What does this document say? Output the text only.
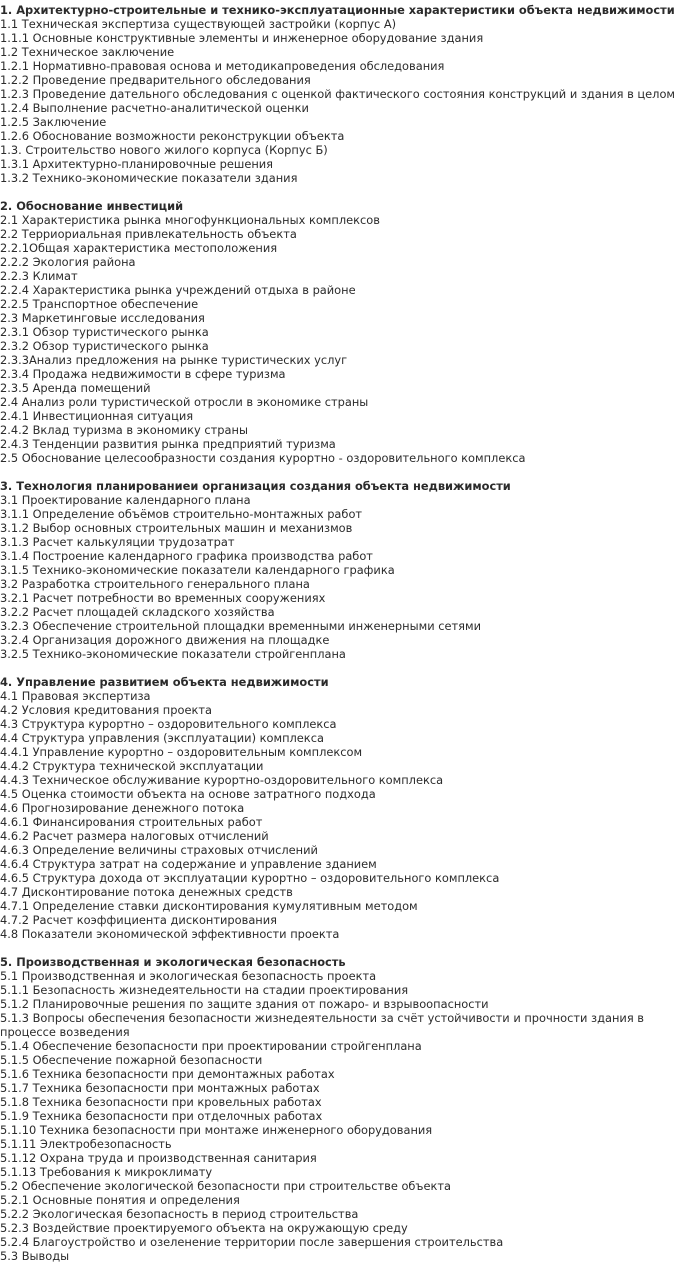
1. Архитектурно-строительные и технико-эксплуатационные характеристики объекта недвижимости
1.1 Техническая экспертиза существующей застройки (корпус А)
1.1.1 Основные конструктивные элементы и инженерное оборудование здания
1.2 Техническое заключение
1.2.1 Нормативно-правовая основа и методикапроведения обследования
1.2.2 Проведение предварительного обследования
1.2.3 Проведение дательного обследования с оценкой фактического состояния конструкций и здания в целом
1.2.4 Выполнение расчетно-аналитической оценки
1.2.5 Заключение
1.2.6 Обоснование возможности реконструкции объекта
1.3. Строительство нового жилого корпуса (Корпус Б)
1.3.1 Архитектурно-планировочные решения
1.3.2 Технико-экономические показатели здания
2. Обоснование инвестиций
2.1 Характеристика рынка многофункциональных комплексов
2.2 Терриориальная привлекательность объекта
2.2.1Общая характеристика местоположения
2.2.2 Экология района
2.2.3 Климат
2.2.4 Характеристика рынка учреждений отдыха в районе
2.2.5 Транспортное обеспечение
2.3 Маркетинговые исследования
2.3.1 Обзор туристического рынка
2.3.2 Обзор туристического рынка
2.3.3Анализ предложения на рынке туристических услуг
2.3.4 Продажа недвижимости в сфере туризма
2.3.5 Аренда помещений
2.4 Анализ роли туристической отросли в экономике страны
2.4.1 Инвестиционная ситуация
2.4.2 Вклад туризма в экономику страны
2.4.3 Тенденции развития рынка предприятий туризма
2.5 Обоснование целесообразности создания курортно - оздоровительного комплекса
3. Технология планированиеи организация создания объекта недвижимости
3.1 Проектирование календарного плана
3.1.1 Определение объёмов строительно-монтажных работ
3.1.2 Выбор основных строительных машин и механизмов
3.1.3 Расчет калькуляции трудозатрат
3.1.4 Построение календарного графика производства работ
3.1.5 Технико-экономические показатели календарного графика
3.2 Разработка строительного генерального плана
3.2.1 Расчет потребности во временных сооружениях
3.2.2 Расчет площадей складского хозяйства
3.2.3 Обеспечение строительной площадки временными инженерными сетями
3.2.4 Организация дорожного движения на площадке
3.2.5 Технико-экономические показатели стройгенплана
4. Управление развитием объекта недвижимости
4.1 Правовая экспертиза
4.2 Условия кредитования проекта
4.3 Структура курортно – оздоровительного комплекса
4.4 Структура управления (эксплуатации) комплекса
4.4.1 Управление курортно – оздоровительным комплексом
4.4.2 Структура технической эксплуатации
4.4.3 Техническое обслуживание курортно-оздоровительного комплекса
4.5 Оценка стоимости объекта на основе затратного подхода
4.6 Прогнозирование денежного потока
4.6.1 Финансирования строительных работ
4.6.2 Расчет размера налоговых отчислений
4.6.3 Определение величины страховых отчислений
4.6.4 Структура затрат на содержание и управление зданием
4.6.5 Структура дохода от эксплуатации курортно – оздоровительного комплекса
4.7 Дисконтирование потока денежных средств
4.7.1 Определение ставки дисконтирования кумулятивным методом
4.7.2 Расчет коэффициента дисконтирования
4.8 Показатели экономической эффективности проекта
5. Производственная и экологическая безопасность
5.1 Производственная и экологическая безопасность проекта
5.1.1 Безопасность жизнедеятельности на стадии проектирования
5.1.2 Планировочные решения по защите здания от пожаро- и взрывоопасности
5.1.3 Вопросы обеспечения безопасности жизнедеятельности за счёт устойчивости и прочности здания в процессе возведения
5.1.4 Обеспечение безопасности при проектировании стройгенплана
5.1.5 Обеспечение пожарной безопасности
5.1.6 Техника безопасности при демонтажных работах
5.1.7 Техника безопасности при монтажных работах
5.1.8 Техника безопасности при кровельных работах
5.1.9 Техника безопасности при отделочных работах
5.1.10 Техника безопасности при монтаже инженерного оборудования
5.1.11 Электробезопасность
5.1.12 Охрана труда и производственная санитария
5.1.13 Требования к микроклимату
5.2 Обеспечение экологической безопасности при строительстве объекта
5.2.1 Основные понятия и определения
5.2.2 Экологическая безопасность в период строительства
5.2.3 Воздействие проектируемого объекта на окружающую среду
5.2.4 Благоустройство и озеленение территории после завершения строительства
5.3 Выводы
